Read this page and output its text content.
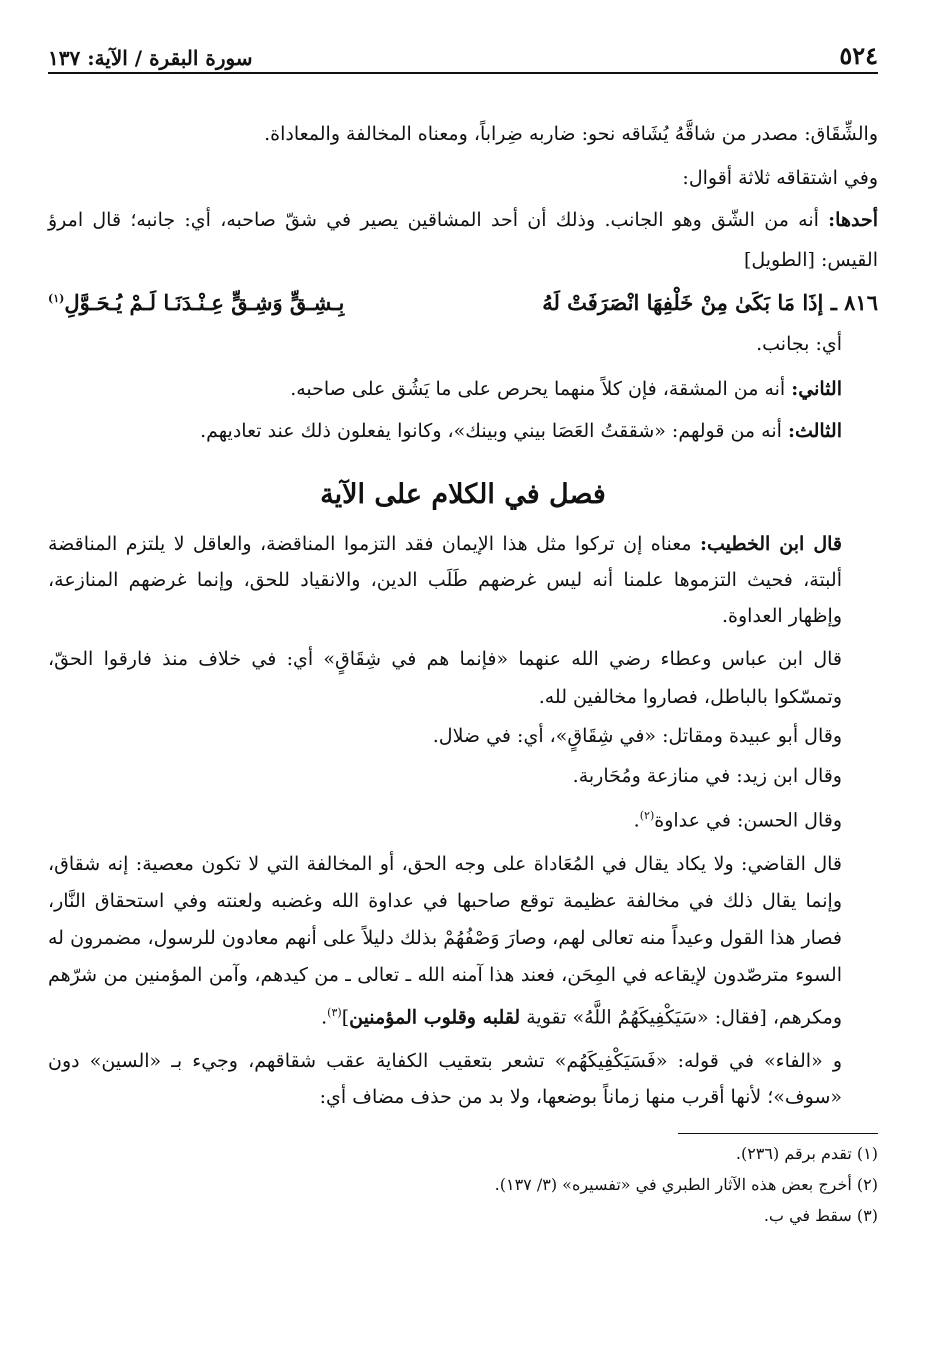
٥٢٤
سورة البقرة / الآية: ١٣٧
والشِّقَاق: مصدر من شاقَّهُ يُشَاقه نحو: ضاربه ضِراباً، ومعناه المخالفة والمعاداة.
وفي اشتقاقه ثلاثة أقوال:
أحدها: أنه من الشّق وهو الجانب. وذلك أن أحد المشاقين يصير في شقّ صاحبه، أي: جانبه؛ قال امرؤ القيس: [الطويل]
٨١٦ ـ إذَا مَا بَكَىٰ مِنْ خَلْفِهَا انْصَرَفَتْ لَهُ
بِـشِـقٍّ وَشِـقٍّ عِـنْـدَنَـا لَـمْ يُـحَـوَّلِ$^{(١)}$
أي: بجانب.
الثاني: أنه من المشقة، فإن كلاً منهما يحرص على ما يَشُق على صاحبه.
الثالث: أنه من قولهم: «شققتُ العَصَا بيني وبينك»، وكانوا يفعلون ذلك عند تعاديهم.
فصل في الكلام على الآية
قال ابن الخطيب: معناه إن تركوا مثل هذا الإيمان فقد التزموا المناقضة، والعاقل لا يلتزم المناقضة ألبتة، فحيث التزموها علمنا أنه ليس غرضهم طَلَب الدين، والانقياد للحق، وإنما غرضهم المنازعة، وإظهار العداوة.
قال ابن عباس وعطاء رضي الله عنهما «فإنما هم في شِقَاقٍ» أي: في خلاف منذ فارقوا الحقّ، وتمسّكوا بالباطل، فصاروا مخالفين لله.
وقال أبو عبيدة ومقاتل: «في شِقَاقٍ»، أي: في ضلال.
وقال ابن زيد: في منازعة ومُحَاربة.
وقال الحسن: في عداوة$^{(٢)}$.
قال القاضي: ولا يكاد يقال في المُعَاداة على وجه الحق، أو المخالفة التي لا تكون معصية: إنه شقاق، وإنما يقال ذلك في مخالفة عظيمة توقع صاحبها في عداوة الله وغضبه ولعنته وفي استحقاق النَّار، فصار هذا القول وعيداً منه تعالى لهم، وصارَ وَصْفُهُمْ بذلك دليلاً على أنهم معادون للرسول، مضمرون له السوء مترصّدون لإيقاعه في المِحَن، فعند هذا آمنه الله ـ تعالى ـ من كيدهم، وآمن المؤمنين من شرّهم ومكرهم، [فقال: «سَيَكْفِيكَهُمُ اللَّهُ» تقوية لقلبه وقلوب المؤمنين]$^{(٣)}$.
و «الفاء» في قوله: «فَسَيَكْفِيكَهُم» تشعر بتعقيب الكفاية عقب شقاقهم، وجيء بـ «السين» دون «سوف»؛ لأنها أقرب منها زماناً بوضعها، ولا بد من حذف مضاف أي:

(١) تقدم برقم (٢٣٦).

(٢) أخرج بعض هذه الآثار الطبري في «تفسيره» (٣/ ١٣٧).

(٣) سقط في ب.
